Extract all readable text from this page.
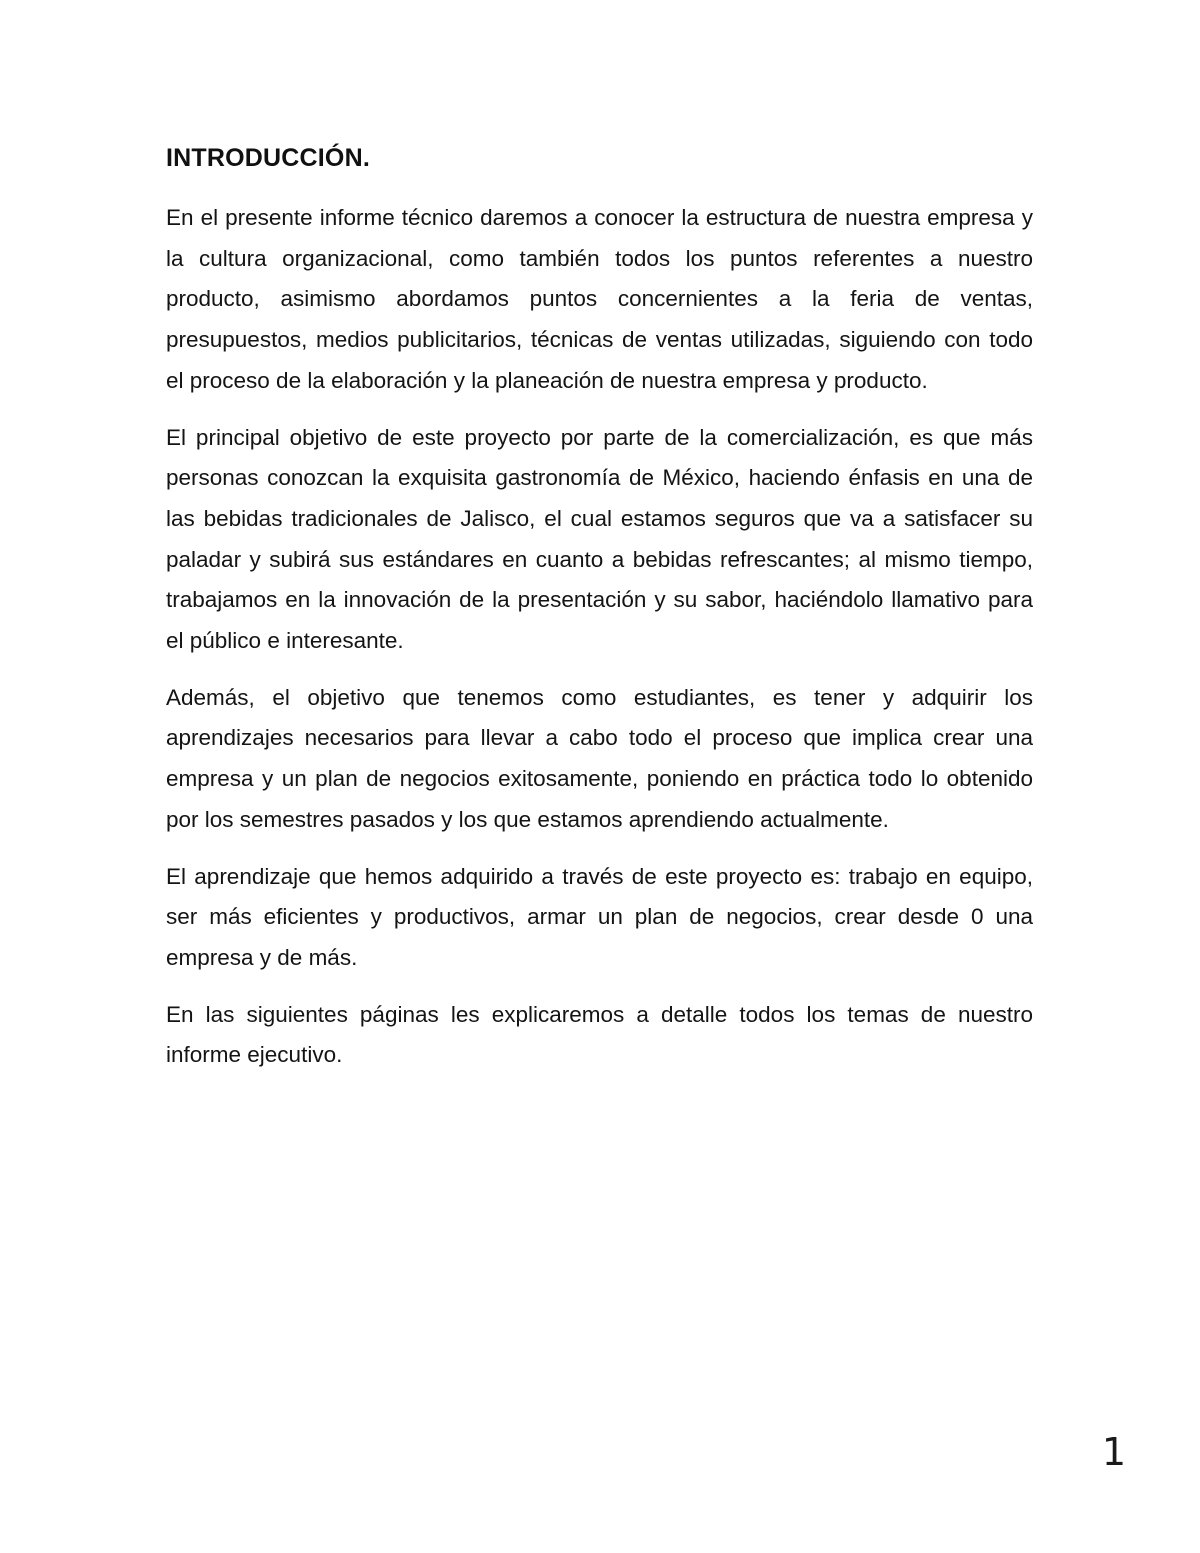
INTRODUCCIÓN.

En el presente informe técnico daremos a conocer la estructura de nuestra empresa y la cultura organizacional, como también todos los puntos referentes a nuestro producto, asimismo abordamos puntos concernientes a la feria de ventas, presupuestos, medios publicitarios, técnicas de ventas utilizadas, siguiendo con todo el proceso de la elaboración y la planeación de nuestra empresa y producto.

El principal objetivo de este proyecto por parte de la comercialización, es que más personas conozcan la exquisita gastronomía de México, haciendo énfasis en una de las bebidas tradicionales de Jalisco, el cual estamos seguros que va a satisfacer su paladar y subirá sus estándares en cuanto a bebidas refrescantes; al mismo tiempo, trabajamos en la innovación de la presentación y su sabor, haciéndolo llamativo para el público e interesante.

Además, el objetivo que tenemos como estudiantes, es tener y adquirir los aprendizajes necesarios para llevar a cabo todo el proceso que implica crear una empresa y un plan de negocios exitosamente, poniendo en práctica todo lo obtenido por los semestres pasados y los que estamos aprendiendo actualmente.

El aprendizaje que hemos adquirido a través de este proyecto es: trabajo en equipo, ser más eficientes y productivos, armar un plan de negocios, crear desde 0 una empresa y de más.

En las siguientes páginas les explicaremos a detalle todos los temas de nuestro informe ejecutivo.

1
